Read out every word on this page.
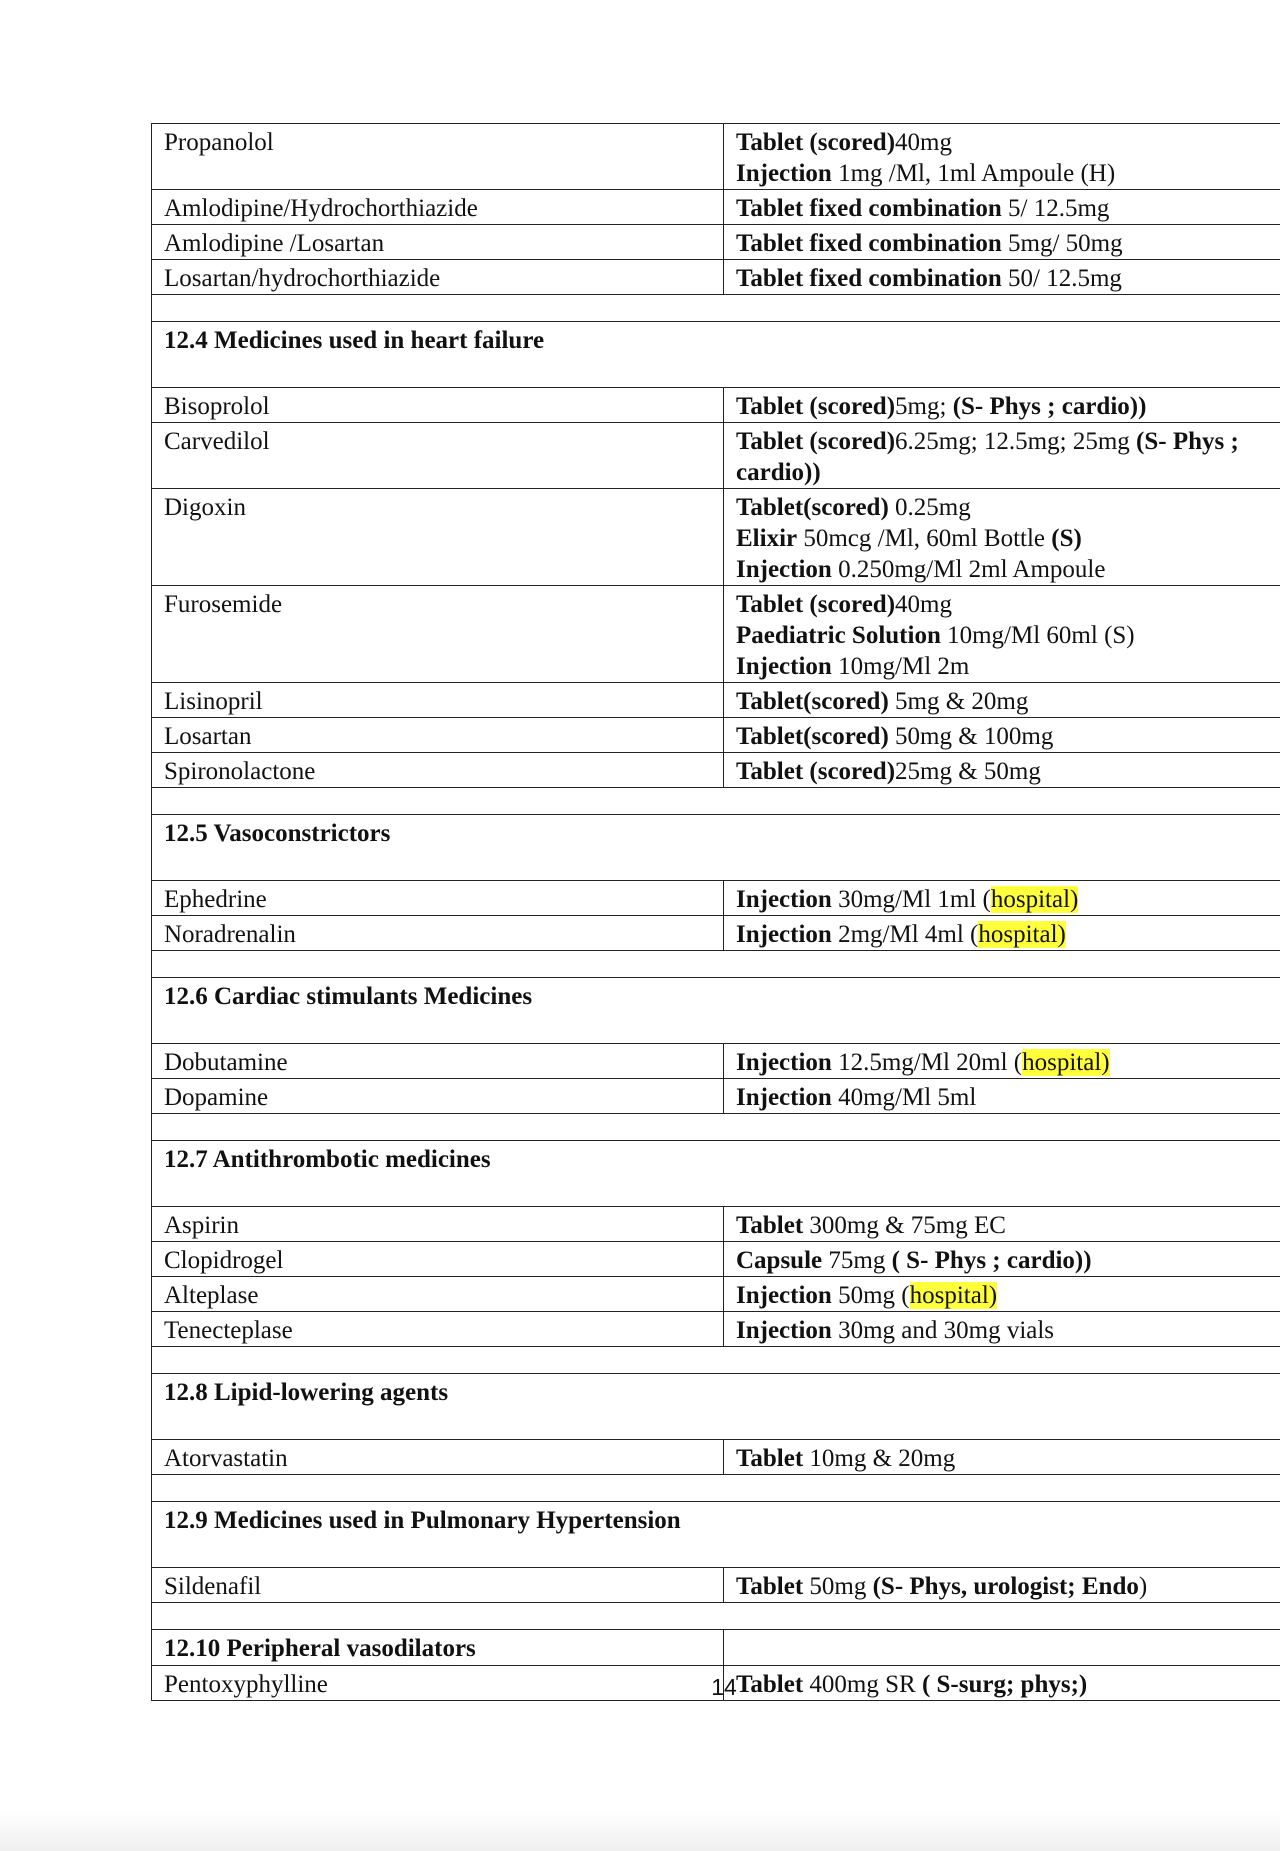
Propanolol	Tablet (scored)40mg
Injection 1mg /Ml, 1ml Ampoule (H)

Amlodipine/Hydrochorthiazide	Tablet fixed combination 5/ 12.5mg

Amlodipine /Losartan	Tablet fixed combination 5mg/ 50mg

Losartan/hydrochorthiazide	Tablet fixed combination 50/ 12.5mg

12.4 Medicines used in heart failure	
Bisoprolol	Tablet (scored)5mg; (S- Phys ; cardio))

Carvedilol	Tablet (scored)6.25mg; 12.5mg; 25mg (S- Phys ;
cardio))

Digoxin	Tablet(scored) 0.25mg
Elixir 50mcg /Ml, 60ml Bottle (S)
Injection 0.250mg/Ml 2ml Ampoule

Furosemide	Tablet (scored)40mg
Paediatric Solution 10mg/Ml 60ml (S)
Injection 10mg/Ml 2m

Lisinopril	Tablet(scored) 5mg & 20mg

Losartan	Tablet(scored) 50mg & 100mg

Spironolactone	Tablet (scored)25mg & 50mg

12.5 Vasoconstrictors	
Ephedrine	Injection 30mg/Ml 1ml (hospital)

Noradrenalin	Injection 2mg/Ml 4ml (hospital)

12.6 Cardiac stimulants Medicines	
Dobutamine	Injection 12.5mg/Ml 20ml (hospital)

Dopamine	Injection 40mg/Ml 5ml

12.7 Antithrombotic medicines	
Aspirin	Tablet 300mg & 75mg EC

Clopidrogel	Capsule 75mg ( S- Phys ; cardio))

Alteplase	Injection 50mg (hospital)

Tenecteplase	Injection 30mg and 30mg vials

12.8 Lipid-lowering agents	
Atorvastatin	Tablet 10mg & 20mg

12.9 Medicines used in Pulmonary Hypertension	
Sildenafil	Tablet 50mg (S- Phys, urologist; Endo)

12.10 Peripheral vasodilators	
Pentoxyphylline	Tablet 400mg SR ( S-surg; phys;)
14
